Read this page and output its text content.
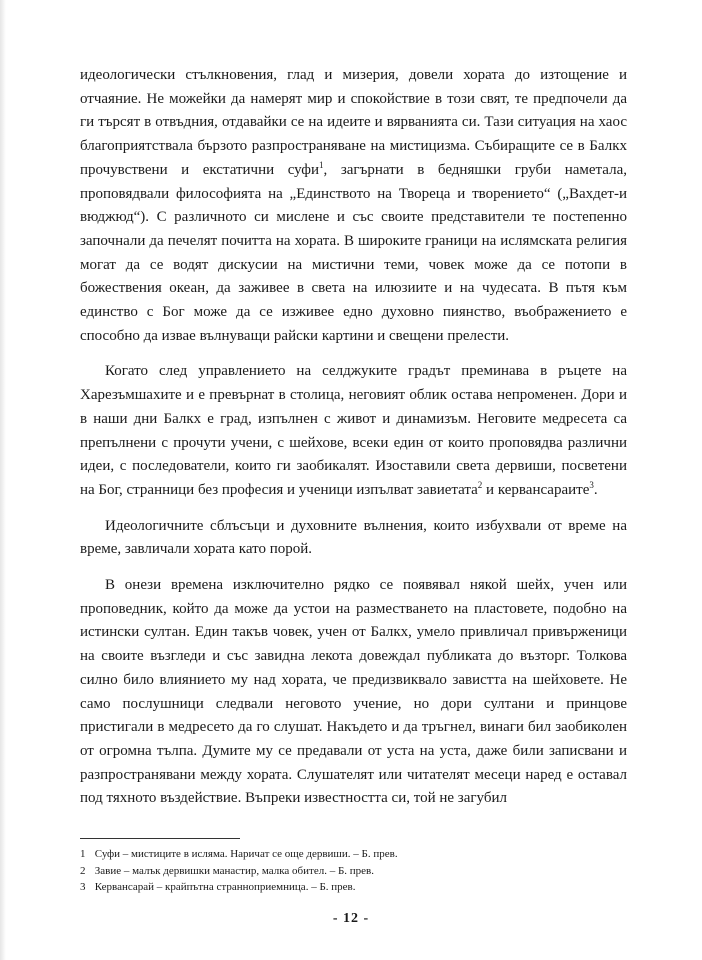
идеологически стълкновения, глад и мизерия, довели хората до изтощение и отчаяние. Не можейки да намерят мир и спокойствие в този свят, те предпочели да ги търсят в отвъдния, отдавайки се на идеите и вярванията си. Тази ситуация на хаос благоприятствала бързото разпространяване на мистицизма. Събиращите се в Балкх прочувствени и екстатични суфи$^1$, загърнати в бедняшки груби наметала, проповядвали философията на „Единството на Твореца и творението“ („Вахдет-и вюджюд“). С различното си мислене и със своите представители те постепенно започнали да печелят почитта на хората. В широките граници на ислямската религия могат да се водят дискусии на мистични теми, човек може да се потопи в божествения океан, да заживее в света на илюзиите и на чудесата. В пътя към единство с Бог може да се изживее едно духовно пиянство, въображението е способно да извае вълнуващи райски картини и свещени прелести.

Когато след управлението на селджуките градът преминава в ръцете на Харезъмшахите и е превърнат в столица, неговият облик остава непроменен. Дори и в наши дни Балкх е град, изпълнен с живот и динамизъм. Неговите медресета са препълнени с прочути учени, с шейхове, всеки един от които проповядва различни идеи, с последователи, които ги заобикалят. Изоставили света дервиши, посветени на Бог, странници без професия и ученици изпълват завиетата$^2$ и кервансараите$^3$.

Идеологичните сблъсъци и духовните вълнения, които избухвали от време на време, завличали хората като порой.

В онези времена изключително рядко се появявал някой шейх, учен или проповедник, който да може да устои на разместването на пластовете, подобно на истински султан. Един такъв човек, учен от Балкх, умело привличал привърженици на своите възгледи и със завидна лекота довеждал публиката до възторг. Толкова силно било влиянието му над хората, че предизвиквало завистта на шейховете. Не само послушници следвали неговото учение, но дори султани и принцове пристигали в медресето да го слушат. Накъдето и да тръгнел, винаги бил заобиколен от огромна тълпа. Думите му се предавали от уста на уста, даже били записвани и разпространявани между хората. Слушателят или читателят месеци наред е оставал под тяхното въздействие. Въпреки известността си, той не загубил

1 Суфи – мистиците в исляма. Наричат се още дервиши. – Б. прев.
2 Завие – малък дервишки манастир, малка обител. – Б. прев.
3 Кервансарай – крайпътна странноприемница. – Б. прев.
- 12 -
